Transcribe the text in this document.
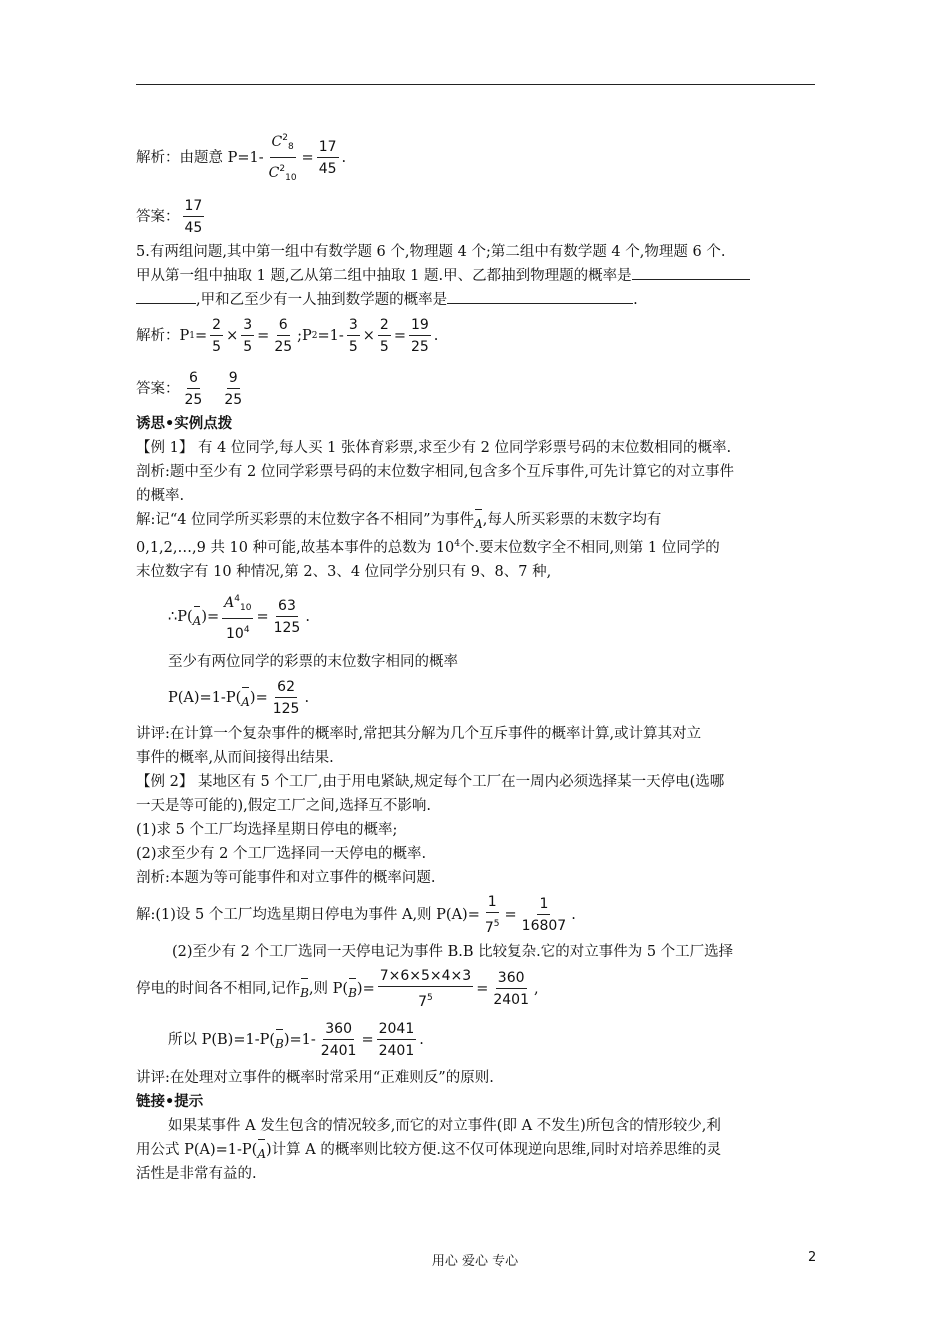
解析：由题意 $P=1- \frac{C^2_8}{C^2_{10}} = \frac{17}{45}$ .
答案： $\frac{17}{45}$
5.有两组问题,其中第一组中有数学题 6 个,物理题 4 个;第二组中有数学题 4 个,物理题 6 个.
甲从第一组中抽取 1 题,乙从第二组中抽取 1 题.甲、乙都抽到物理题的概率是
,甲和乙至少有一人抽到数学题的概率是	.
解析： P $1 = \frac{2}{5} \times \frac{3}{5} = \frac{6}{25}$ ;P $2 =1- \frac{3}{5} \times \frac{2}{5} = \frac{19}{25}$ .
答案： $\frac{6}{25} \frac{9}{25}$
诱思•实例点拨
【例 1】 有 4 位同学,每人买 1 张体育彩票,求至少有 2 位同学彩票号码的末位数相同的概率.
剖析:题中至少有 2 位同学彩票号码的末位数字相同,包含多个互斥事件,可先计算它的对立事件
的概率.
解:记“4 位同学所买彩票的末位数字各不相同”为事件A,每人所买彩票的末数字均有
0,1,2,…,9 共 10 种可能,故基本事件的总数为 $10^4$个.要末位数字全不相同,则第 1 位同学的
末位数字有 10 种情况,第 2、3、4 位同学分别只有 9、8、7 种,
∴P( A )= $\frac{A^4_{10}}{10^4} = \frac{63}{125}$ .
至少有两位同学的彩票的末位数字相同的概率
P(A)=1-P( A )= $\frac{62}{125}$ .
讲评:在计算一个复杂事件的概率时,常把其分解为几个互斥事件的概率计算,或计算其对立
事件的概率,从而间接得出结果.
【例 2】 某地区有 5 个工厂,由于用电紧缺,规定每个工厂在一周内必须选择某一天停电(选哪
一天是等可能的),假定工厂之间,选择互不影响.
(1)求 5 个工厂均选择星期日停电的概率;
(2)求至少有 2 个工厂选择同一天停电的概率.
剖析:本题为等可能事件和对立事件的概率问题.
解:(1)设 5 个工厂均选星期日停电为事件 A,则 $P(A)= \frac{1}{7^5} = \frac{1}{16807}$ .
(2)至少有 2 个工厂选同一天停电记为事件 B.B 比较复杂.它的对立事件为 5 个工厂选择
停电的时间各不相同,记作 B ,则 P( B )= $\frac{7\times 6\times 5\times 4\times 3}{7^5} = \frac{360}{2401}$ ,
所以 P(B)=1-P( B )$=1- \frac{360}{2401} = \frac{2041}{2401}$ .
讲评:在处理对立事件的概率时常采用“正难则反”的原则.
链接•提示
如果某事件 A 发生包含的情况较多,而它的对立事件(即 A 不发生)所包含的情形较少,利
用公式 P(A)=1-P(A)计算 A 的概率则比较方便.这不仅可体现逆向思维,同时对培养思维的灵
活性是非常有益的.
用心 爱心 专心	2
